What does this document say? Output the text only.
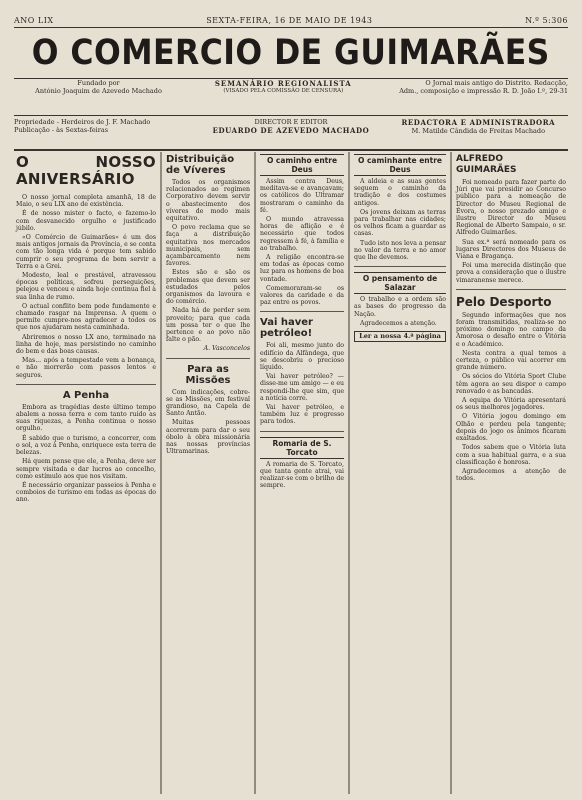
ANO LIX	SEXTA-FEIRA, 16 DE MAIO DE 1943	N.º 5:306
O COMERCIO DE GUIMARÃES
Fundado por
António Joaquim de Azevedo Machado
SEMANÁRIO REGIONALISTA
(VISADO PELA COMISSÃO DE CENSURA)
O Jornal mais antigo do Distrito. Redacção,
Adm., composição e impressão R. D. João I.º, 29-31
Propriedade - Herdeiros de J. F. Machado
Publicação - às Sextas-feiras
DIRECTOR E EDITOR
EDUARDO DE AZEVEDO MACHADO
REDACTORA E ADMINISTRADORA
M. Matilde Cândida de Freitas Machado
O NOSSO ANIVERSÁRIO

O nosso jornal completa amanhã, 18 de Maio, o seu LIX ano de existência.

É de nosso mister o facto, e fazemo-lo com desvanecido orgulho e justificado júbilo.

«O Comércio de Guimarães» é um dos mais antigos jornais da Província, e se conta com tão longa vida é porque tem sabido cumprir o seu programa de bem servir a Terra e a Grei.

Modesto, leal e prestável, atravessou épocas políticas, sofreu perseguições, pelejou e venceu e ainda hoje continua fiel à sua linha de rumo.

O actual conflito bem pode fundamente e chamado rasgar na Imprensa. A quem o permite cumpre-nos agradecer a todos os que nos ajudaram nesta caminhada.

Abriremos o nosso LX ano, terminado na linha de hoje, mas persistindo no caminho do bem e das boas causas.

Mas... após a tempestade vem a bonança, e não morrerão com passos lentos e seguros.

A Penha

Embora as tragédias deste último tempo abalem a nossa terra e com tanto ruído as suas riquezas, a Penha continua o nosso orgulho.

É sabido que o turismo, a concorrer, com o sol, a voz à Penha, enriquece esta terra de belezas.

Há quem pense que ele, a Penha, deve ser sempre visitada e dar lucros ao concelho, como estímulo aos que nos visitam.

É necessário organizar passeios à Penha e comboios de turismo em todas as épocas do ano.

Distribuição de Víveres

Todos os organismos relacionados ao regimen Corporativo devem servir o abastecimento dos víveres de modo mais equitativo.

O povo reclama que se faça a distribuição equitativa nos mercados municipais, sem açambarcamento nem favores.

Estes são e são os problemas que devem ser estudados pelos organismos da lavoura e do comércio.

Nada há de perder sem proveito; para que cada um possa ter o que lhe pertence e ao povo não falte o pão.

A. Vasconcelos

Para as Missões

Com indicações, cobre-se as Missões, em festival grandioso, na Capela de Santo Antão.

Muitas pessoas acorreram para dar o seu óbolo à obra missionária nas nossas províncias Ultramarinas.

O caminho entre Deus

Assim contra Deus, meditava-se e avançavam; os católicos do Ultramar mostraram o caminho da fé.

O mundo atravessa horas de aflição e é necessário que todos regressem à fé, à família e ao trabalho.

A religião encontra-se em todas as épocas como luz para os homens de boa vontade.

Comemoraram-se os valores da caridade e da paz entre os povos.

Vai haver petróleo!

Foi ali, mesmo junto do edifício da Alfândega, que se descobriu o precioso líquido.

Vai haver petróleo? — disse-me um amigo — e eu respondi-lhe que sim, que a notícia corre.

Vai haver petróleo, e também luz e progresso para todos.

Romaria de S. Torcato

A romaria de S. Torcato, que tanta gente atrai, vai realizar-se com o brilho de sempre.

O caminhante entre Deus

A aldeia e as suas gentes seguem o caminho da tradição e dos costumes antigos.

Os jovens deixam as terras para trabalhar nas cidades; os velhos ficam a guardar as casas.

Tudo isto nos leva a pensar no valor da terra e no amor que lhe devemos.

O pensamento de Salazar

O trabalho e a ordem são as bases do progresso da Nação.

Agradecemos a atenção.

Ler a nossa 4.ª página
ALFREDO GUIMARÃES

Foi nomeado para fazer parte do Júri que vai presidir ao Concurso público para a nomeação de Director do Museu Regional de Évora, o nosso prezado amigo e ilustre Director do Museu Regional de Alberto Sampaio, o sr. Alfredo Guimarães.

Sua ex.ª será nomeado para os lugares Directores dos Museus de Viana e Bragança.

Foi uma merecida distinção que prova a consideração que o ilustre vimaranense merece.

Pelo Desporto

Segundo informações que nos foram transmitidas, realiza-se no próximo domingo no campo da Amorosa o desafio entre o Vitória e o Académico.

Nesta contra a qual temos a certeza, o público vai acorrer em grande número.

Os sócios do Vitória Sport Clube têm agora ao seu dispor o campo renovado e as bancadas.

A equipa do Vitória apresentará os seus melhores jogadores.

O Vitória jogou domingo em Olhão e perdeu pela tangente; depois do jogo os ânimos ficaram exaltados.

Todos sabem que o Vitória luta com a sua habitual garra, e a sua classificação é honrosa.

Agradecemos a atenção de todos.
